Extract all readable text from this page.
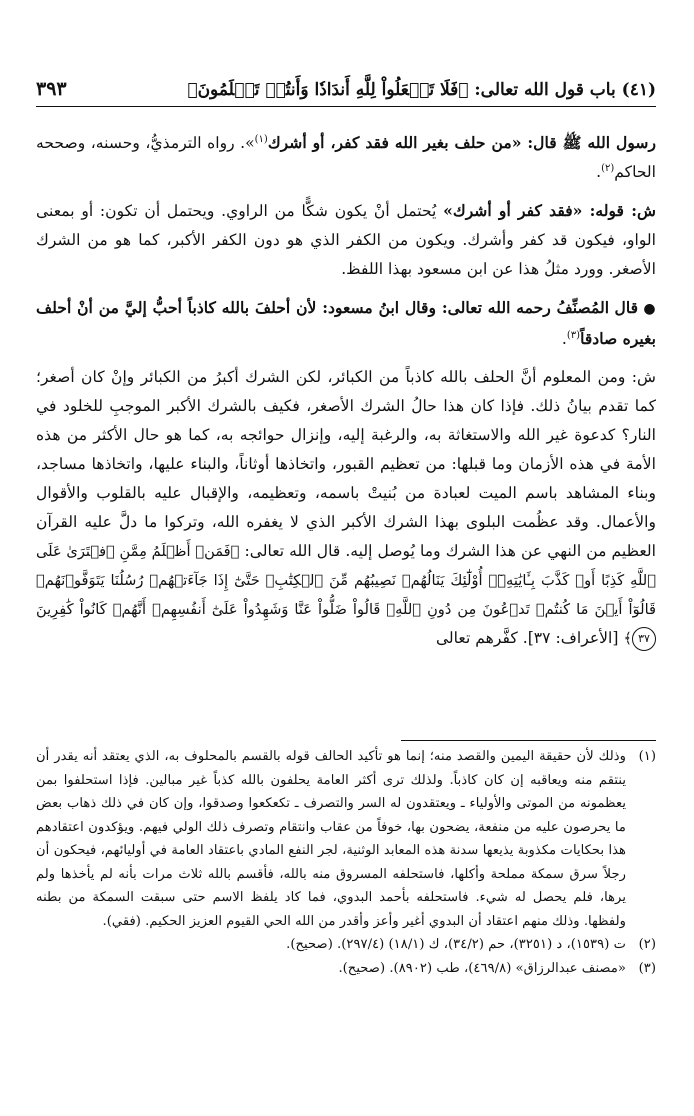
(٤١) باب قول الله تعالى: ﴿فَلَا تَجۡعَلُواْ لِلَّهِ أَندَادٗا وَأَنتُمۡ تَعۡلَمُونَ﴾
٣٩٣

رسول الله ﷺ قال: «من حلف بغير الله فقد كفر، أو أشرك$^{(١)}$». رواه الترمذيُّ، وحسنه، وصححه الحاكم$^{(٢)}$.

ش: قوله: «فقد كفر أو أشرك» يُحتمل أنْ يكون شكًّا من الراوي. ويحتمل أن تكون: أو بمعنى الواو، فيكون قد كفر وأشرك. ويكون من الكفر الذي هو دون الكفر الأكبر، كما هو من الشرك الأصغر. وورد مثلُ هذا عن ابن مسعود بهذا اللفظ.

● قال المُصنِّفُ رحمه الله تعالى: وقال ابنُ مسعود: لأن أحلفَ بالله كاذباً أحبُّ إليَّ من أنْ أحلف بغيره صادقاً$^{(٣)}$.

ش: ومن المعلوم أنَّ الحلف بالله كاذباً من الكبائر، لكن الشرك أكبرُ من الكبائر وإنْ كان أصغر؛ كما تقدم بيانُ ذلك. فإذا كان هذا حالُ الشرك الأصغر، فكيف بالشرك الأكبر الموجبِ للخلود في النار؟ كدعوة غير الله والاستغاثة به، والرغبة إليه، وإنزال حوائجه به، كما هو حال الأكثر من هذه الأمة في هذه الأزمان وما قبلها: من تعظيم القبور، واتخاذها أوثاناً، والبناء عليها، واتخاذها مساجد، وبناء المشاهد باسم الميت لعبادة من بُنيتْ باسمه، وتعظيمه، والإقبال عليه بالقلوب والأقوال والأعمال. وقد عظُمت البلوى بهذا الشرك الأكبر الذي لا يغفره الله، وتركوا ما دلَّ عليه القرآن العظيم من النهي عن هذا الشرك وما يُوصل إليه. قال الله تعالى: ﴿فَمَنۡ أَظۡلَمُ مِمَّنِ ٱفۡتَرَىٰ عَلَى ٱللَّهِ كَذِبًا أَوۡ كَذَّبَ بِـَٔايَٰتِهِۦٓۚ أُوْلَٰٓئِكَ يَنَالُهُمۡ نَصِيبُهُم مِّنَ ٱلۡكِتَٰبِۖ حَتَّىٰٓ إِذَا جَآءَتۡهُمۡ رُسُلُنَا يَتَوَفَّوۡنَهُمۡ قَالُوٓاْ أَيۡنَ مَا كُنتُمۡ تَدۡعُونَ مِن دُونِ ٱللَّهِۖ قَالُواْ ضَلُّواْ عَنَّا وَشَهِدُواْ عَلَىٰٓ أَنفُسِهِمۡ أَنَّهُمۡ كَانُواْ كَٰفِرِينَ ٣٧﴾ [الأعراف: ٣٧]. كفَّرهم تعالى

(١)
وذلك لأن حقيقة اليمين والقصد منه؛ إنما هو تأكيد الحالف قوله بالقسم بالمحلوف به، الذي يعتقد أنه يقدر أن ينتقم منه ويعاقبه إن كان كاذباً. ولذلك ترى أكثر العامة يحلفون بالله كذباً غير مبالين. فإذا استحلفوا بمن يعظمونه من الموتى والأولياء ـ ويعتقدون له السر والتصرف ـ تكعكعوا وصدقوا، وإن كان في ذلك ذهاب بعض ما يحرصون عليه من منفعة، يضحون بها، خوفاً من عقاب وانتقام وتصرف ذلك الولي فيهم. ويؤكدون اعتقادهم هذا بحكايات مكذوبة يذيعها سدنة هذه المعابد الوثنية، لجر النفع المادي باعتقاد العامة في أوليائهم، فيحكون أن رجلاً سرق سمكة مملحة وأكلها، فاستحلفه المسروق منه بالله، فأقسم بالله ثلاث مرات بأنه لم يأخذها ولم يرها، فلم يحصل له شيء. فاستحلفه بأحمد البدوي، فما كاد يلفظ الاسم حتى سبقت السمكة من بطنه ولفظها. وذلك منهم اعتقاد أن البدوي أغير وأعز وأقدر من الله الحي القيوم العزيز الحكيم. (فقي).
(٢)
ت (١٥٣٩)، د (٣٢٥١)، حم (٣٤/٢)، ك (١٨/١) (٢٩٧/٤). (صحيح).
(٣)
«مصنف عبدالرزاق» (٤٦٩/٨)، طب (٨٩٠٢). (صحيح).
